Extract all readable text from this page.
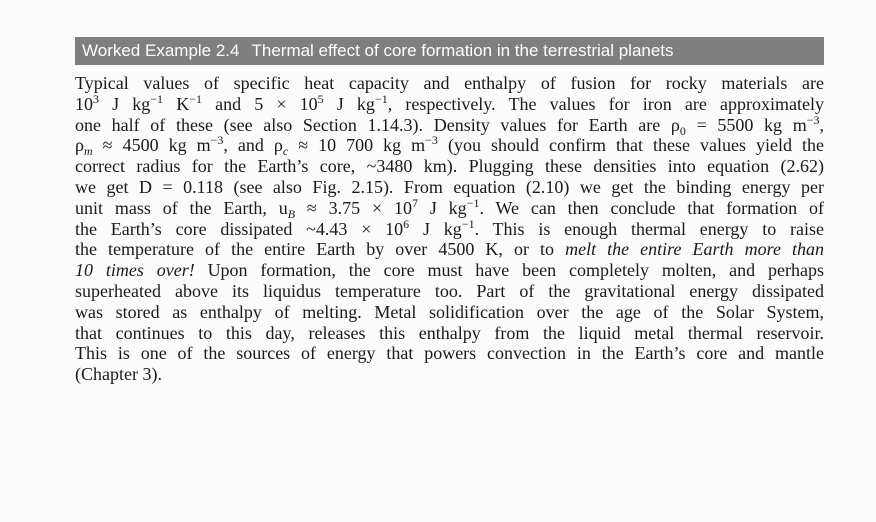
Worked Example 2.4 Thermal effect of core formation in the terrestrial planets
Typical values of specific heat capacity and enthalpy of fusion for rocky materials are
$10^3$ J $kg^{-1}$ $K^{-1}$ and $5 \times 10^5$ J $kg^{-1}$, respectively. The values for iron are approximately
one half of these (see also Section 1.14.3). Density values for Earth are $\rho_0 = 5500$ kg $m^{-3}$,
$\rho_m \approx 4500$ kg $m^{-3}$, and $\rho_c \approx 10$ 700 kg $m^{-3}$ (you should confirm that these values yield the
correct radius for the Earth’s core, ~3480 km). Plugging these densities into equation (2.62)
we get D = 0.118 (see also Fig. 2.15). From equation (2.10) we get the binding energy per
unit mass of the Earth, $u_B \approx 3.75 \times 10^7$ J $kg^{-1}$. We can then conclude that formation of
the Earth’s core dissipated ~4.43 × $10^6$ J $kg^{-1}$. This is enough thermal energy to raise
the temperature of the entire Earth by over 4500 K, or to melt the entire Earth more than
10 times over! Upon formation, the core must have been completely molten, and perhaps
superheated above its liquidus temperature too. Part of the gravitational energy dissipated
was stored as enthalpy of melting. Metal solidification over the age of the Solar System,
that continues to this day, releases this enthalpy from the liquid metal thermal reservoir.
This is one of the sources of energy that powers convection in the Earth’s core and mantle
(Chapter 3).
